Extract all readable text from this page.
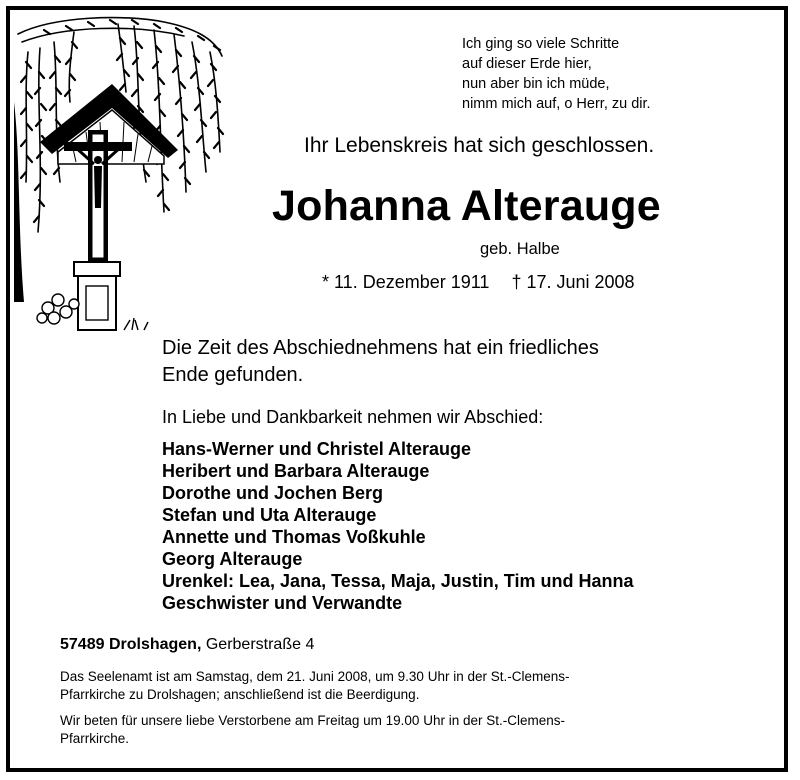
Ich ging so viele Schritte
auf dieser Erde hier,
nun aber bin ich müde,
nimm mich auf, o Herr, zu dir.
Ihr Lebenskreis hat sich geschlossen.
Johanna Alterauge
geb. Halbe
* 11. Dezember 1911 † 17. Juni 2008
Die Zeit des Abschiednehmens hat ein friedliches
Ende gefunden.
In Liebe und Dankbarkeit nehmen wir Abschied:
Hans-Werner und Christel Alterauge
Heribert und Barbara Alterauge
Dorothe und Jochen Berg
Stefan und Uta Alterauge
Annette und Thomas Voßkuhle
Georg Alterauge
Urenkel: Lea, Jana, Tessa, Maja, Justin, Tim und Hanna
Geschwister und Verwandte
57489 Drolshagen, Gerberstraße 4
Das Seelenamt ist am Samstag, dem 21. Juni 2008, um 9.30 Uhr in der St.-Clemens-
Pfarrkirche zu Drolshagen; anschließend ist die Beerdigung.
Wir beten für unsere liebe Verstorbene am Freitag um 19.00 Uhr in der St.-Clemens-
Pfarrkirche.
